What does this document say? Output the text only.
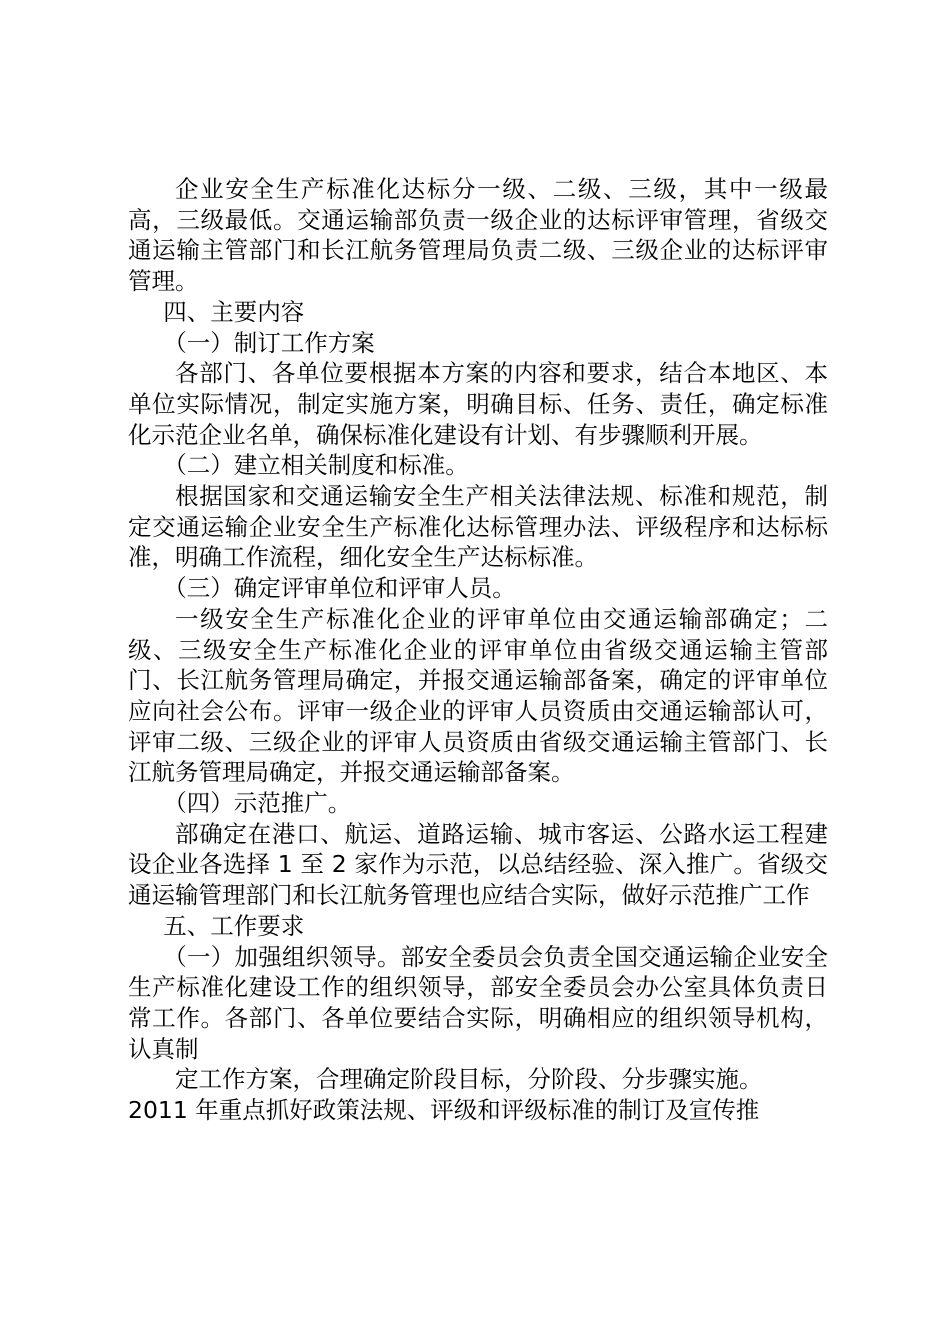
企业安全生产标准化达标分一级、二级、三级，其中一级最高，三级最低。交通运输部负责一级企业的达标评审管理，省级交通运输主管部门和长江航务管理局负责二级、三级企业的达标评审管理。

四、主要内容

（一）制订工作方案

各部门、各单位要根据本方案的内容和要求，结合本地区、本单位实际情况，制定实施方案，明确目标、任务、责任，确定标准化示范企业名单，确保标准化建设有计划、有步骤顺利开展。

（二）建立相关制度和标准。

根据国家和交通运输安全生产相关法律法规、标准和规范，制定交通运输企业安全生产标准化达标管理办法、评级程序和达标标准，明确工作流程，细化安全生产达标标准。

（三）确定评审单位和评审人员。

一级安全生产标准化企业的评审单位由交通运输部确定；二级、三级安全生产标准化企业的评审单位由省级交通运输主管部门、长江航务管理局确定，并报交通运输部备案，确定的评审单位应向社会公布。评审一级企业的评审人员资质由交通运输部认可，评审二级、三级企业的评审人员资质由省级交通运输主管部门、长江航务管理局确定，并报交通运输部备案。

（四）示范推广。

部确定在港口、航运、道路运输、城市客运、公路水运工程建设企业各选择 1 至 2 家作为示范，以总结经验、深入推广。省级交通运输管理部门和长江航务管理也应结合实际，做好示范推广工作

五、工作要求

（一）加强组织领导。部安全委员会负责全国交通运输企业安全生产标准化建设工作的组织领导，部安全委员会办公室具体负责日常工作。各部门、各单位要结合实际，明确相应的组织领导机构，认真制

定工作方案，合理确定阶段目标，分阶段、分步骤实施。

2011 年重点抓好政策法规、评级和评级标准的制订及宣传推
